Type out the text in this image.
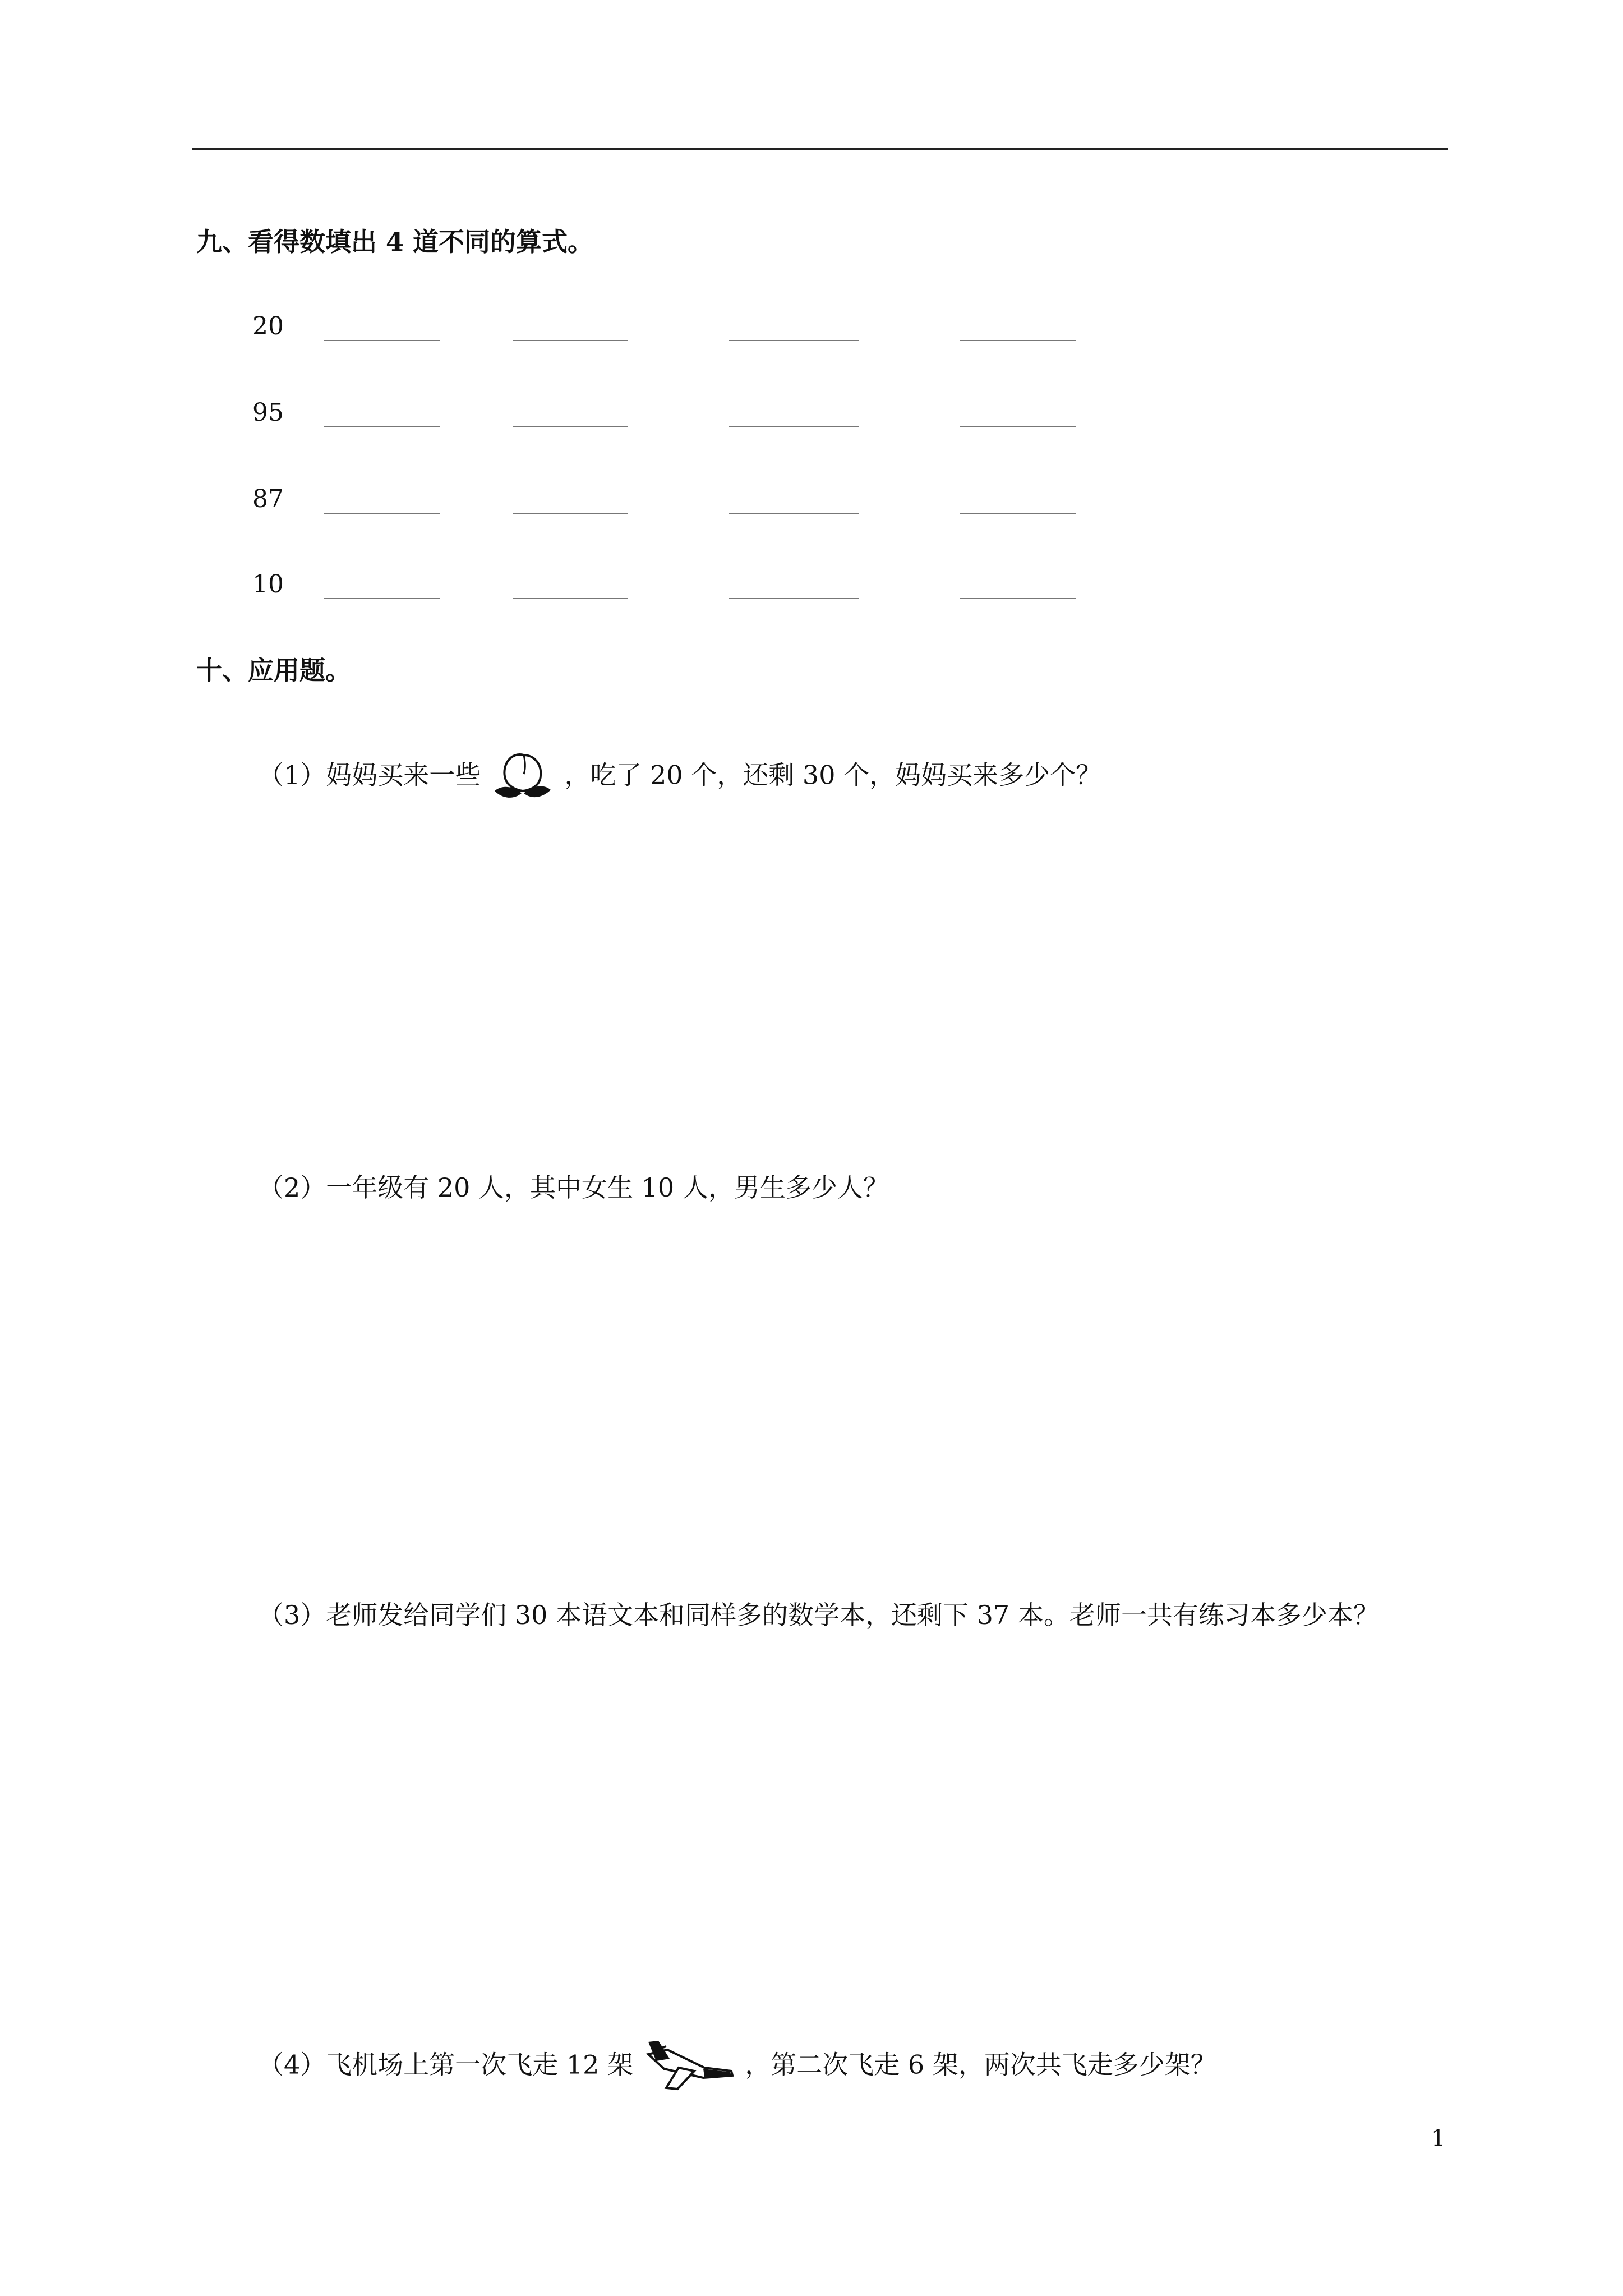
九、看得数填出 4 道不同的算式。
20
95
87
10
十、应用题。
（1）妈妈买来一些	，吃了 20 个，还剩 30 个，妈妈买来多少个？
（2）一年级有 20 人，其中女生 10 人，男生多少人？
（3）老师发给同学们 30 本语文本和同样多的数学本，还剩下 37 本。老师一共有练习本多少本？
（4）飞机场上第一次飞走 12 架	，第二次飞走 6 架，两次共飞走多少架？
1
